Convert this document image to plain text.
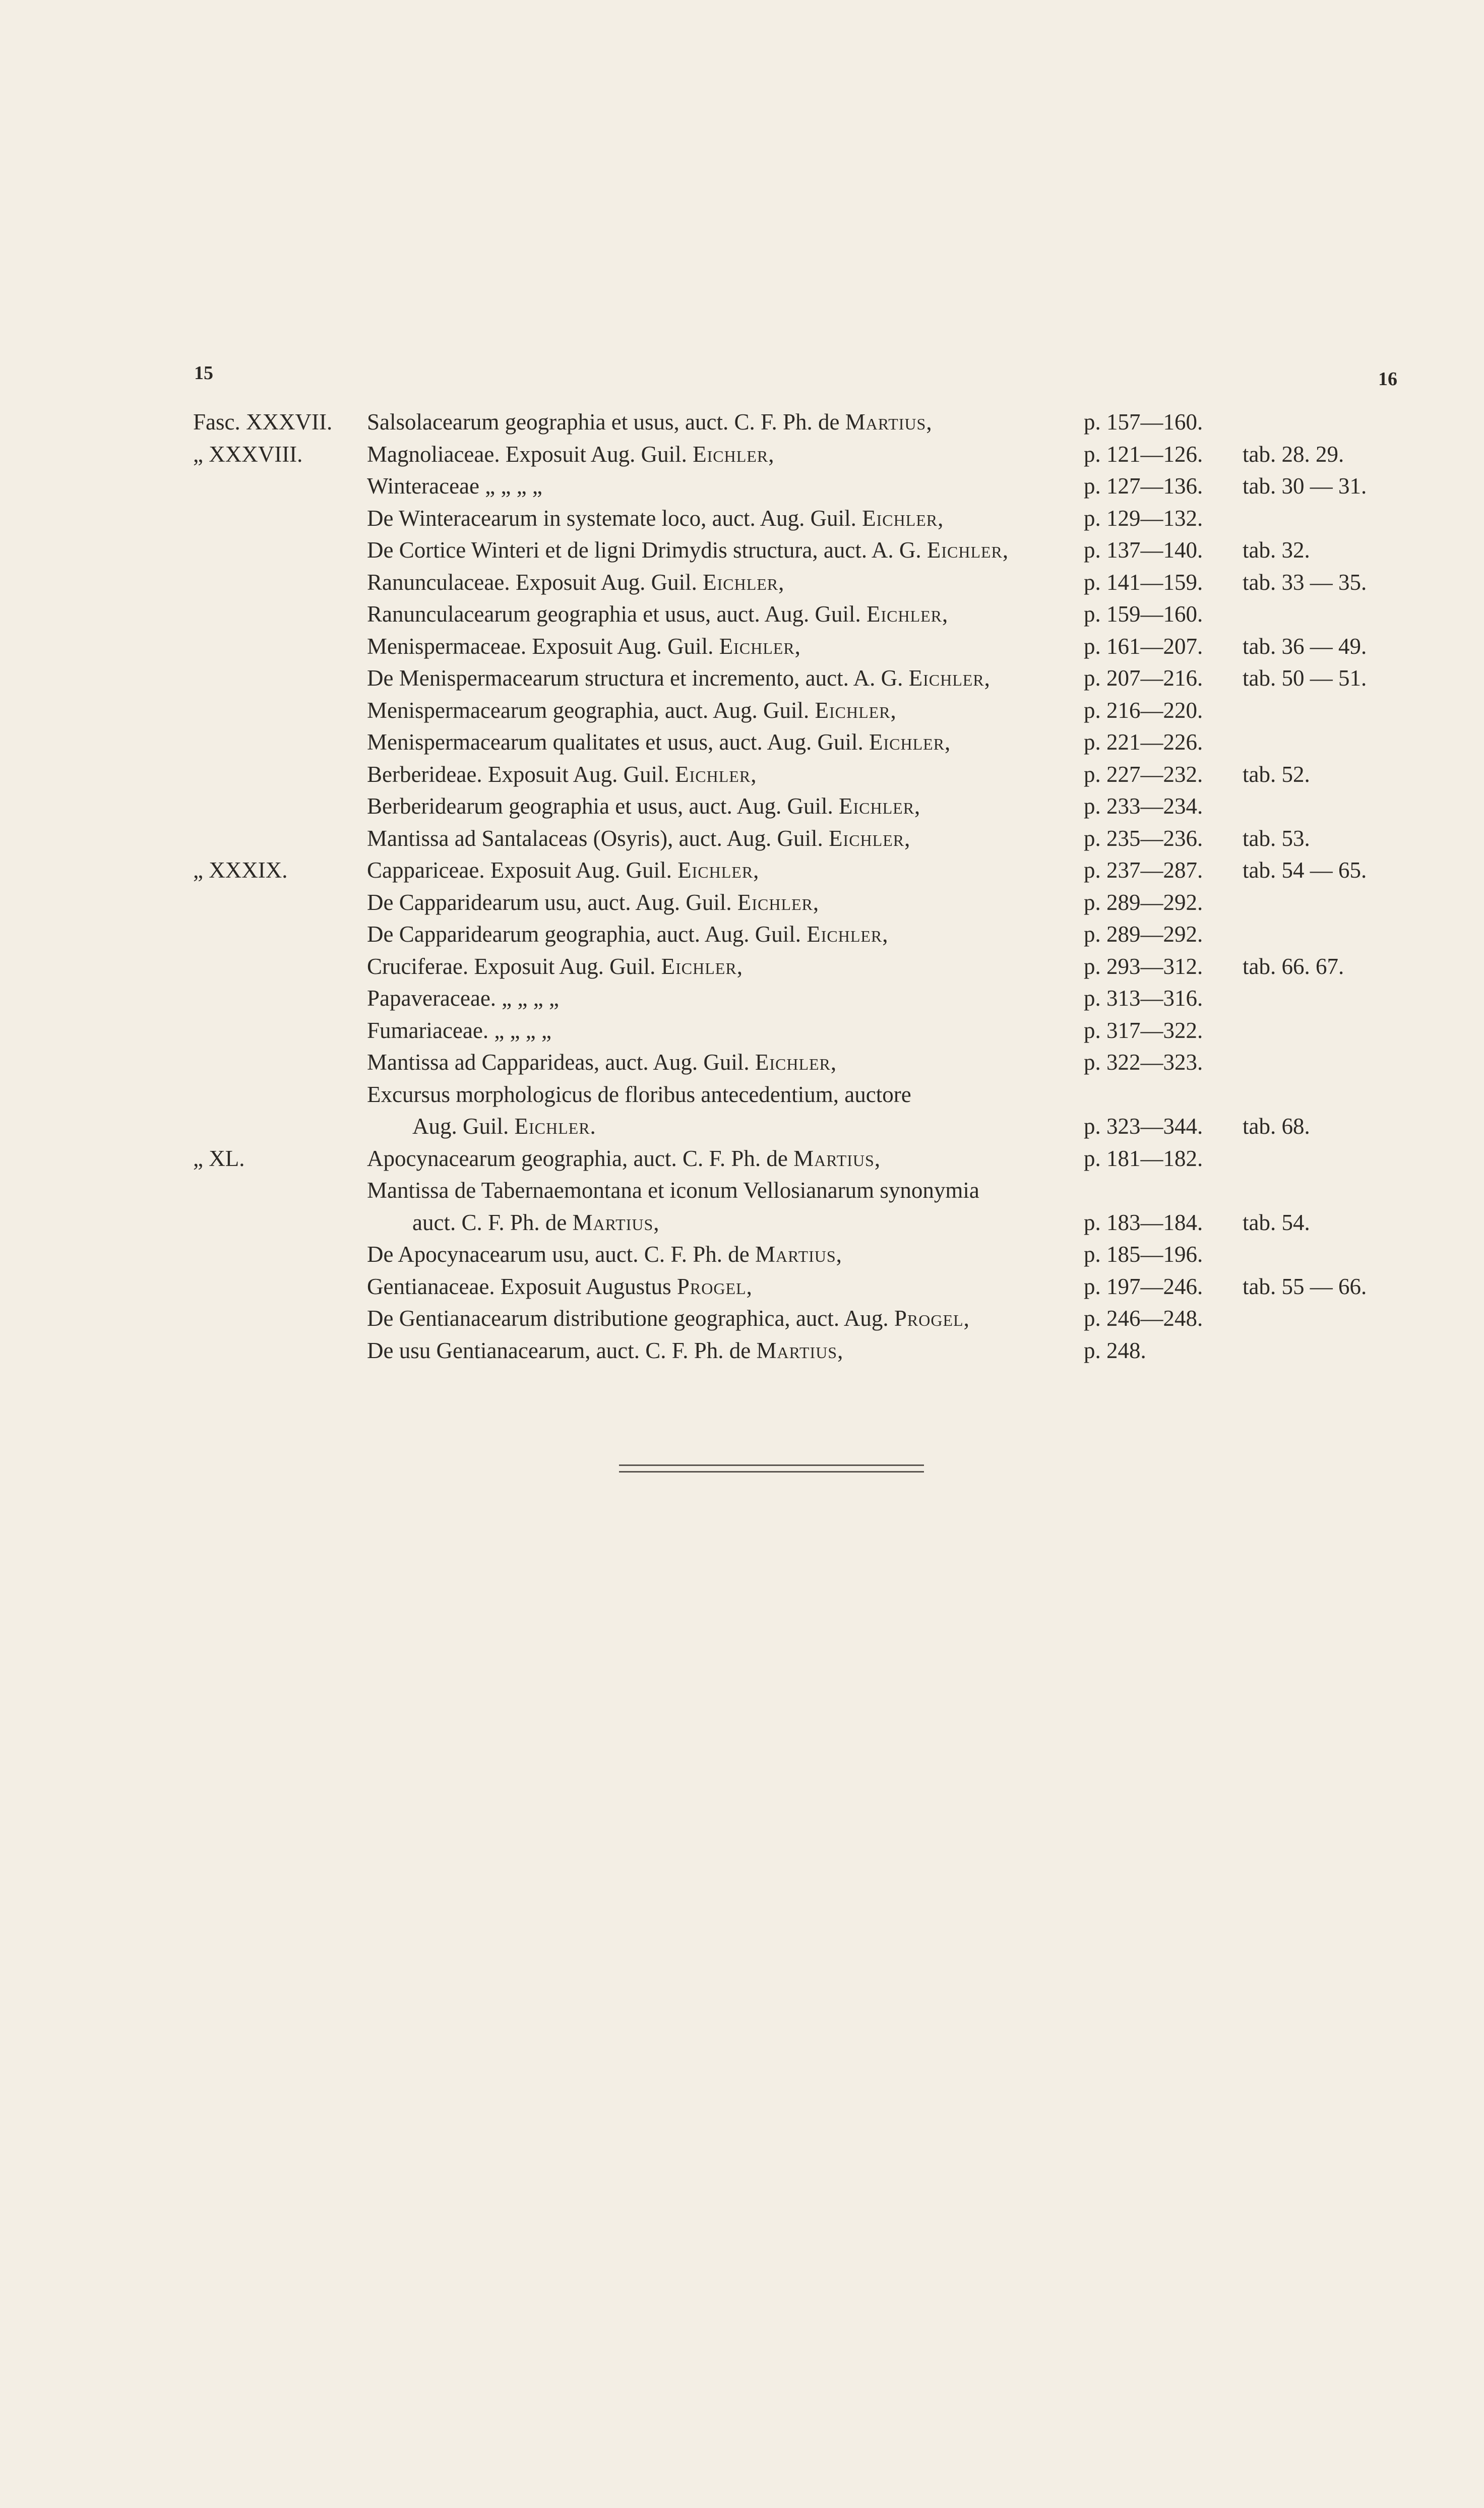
15	16
Fasc. XXXVII. Salsolacearum geographia et usus, auct. C. F. Ph. de Martius,	p. 157—160.
„ XXXVIII.	Magnoliaceae. Exposuit Aug. Guil. Eichler,	p. 121—126. tab. 28. 29.
Winteraceae „ „ „ „	p. 127—136. tab. 30 — 31.
De Winteracearum in systemate loco, auct. Aug. Guil. Eichler,	p. 129—132.
De Cortice Winteri et de ligni Drimydis structura, auct. A. G. Eichler,	p. 137—140. tab. 32.
Ranunculaceae. Exposuit Aug. Guil. Eichler,	p. 141—159. tab. 33 — 35.
Ranunculacearum geographia et usus, auct. Aug. Guil. Eichler,	p. 159—160.
Menispermaceae. Exposuit Aug. Guil. Eichler,	p. 161—207. tab. 36 — 49.
De Menispermacearum structura et incremento, auct. A. G. Eichler,	p. 207—216. tab. 50 — 51.
Menispermacearum geographia, auct. Aug. Guil. Eichler,	p. 216—220.
Menispermacearum qualitates et usus, auct. Aug. Guil. Eichler,	p. 221—226.
Berberideae. Exposuit Aug. Guil. Eichler,	p. 227—232. tab. 52.
Berberidearum geographia et usus, auct. Aug. Guil. Eichler,	p. 233—234.
Mantissa ad Santalaceas (Osyris), auct. Aug. Guil. Eichler,	p. 235—236. tab. 53.
„ XXXIX.	Cappariceae. Exposuit Aug. Guil. Eichler,	p. 237—287. tab. 54 — 65.
De Capparidearum usu, auct. Aug. Guil. Eichler,	p. 289—292.
De Capparidearum geographia, auct. Aug. Guil. Eichler,	p. 289—292.
Cruciferae. Exposuit Aug. Guil. Eichler,	p. 293—312. tab. 66. 67.
Papaveraceae. „ „ „ „	p. 313—316.
Fumariaceae. „ „ „ „	p. 317—322.
Mantissa ad Capparideas, auct. Aug. Guil. Eichler,	p. 322—323.
Excursus morphologicus de floribus antecedentium, auctore
Aug. Guil. Eichler.	p. 323—344. tab. 68.
„ XL.	Apocynacearum geographia, auct. C. F. Ph. de Martius,	p. 181—182.
Mantissa de Tabernaemontana et iconum Vellosianarum synonymia
auct. C. F. Ph. de Martius,	p. 183—184. tab. 54.
De Apocynacearum usu, auct. C. F. Ph. de Martius,	p. 185—196.
Gentianaceae. Exposuit Augustus Progel,	p. 197—246. tab. 55 — 66.
De Gentianacearum distributione geographica, auct. Aug. Progel,	p. 246—248.
De usu Gentianacearum, auct. C. F. Ph. de Martius,	p. 248.
